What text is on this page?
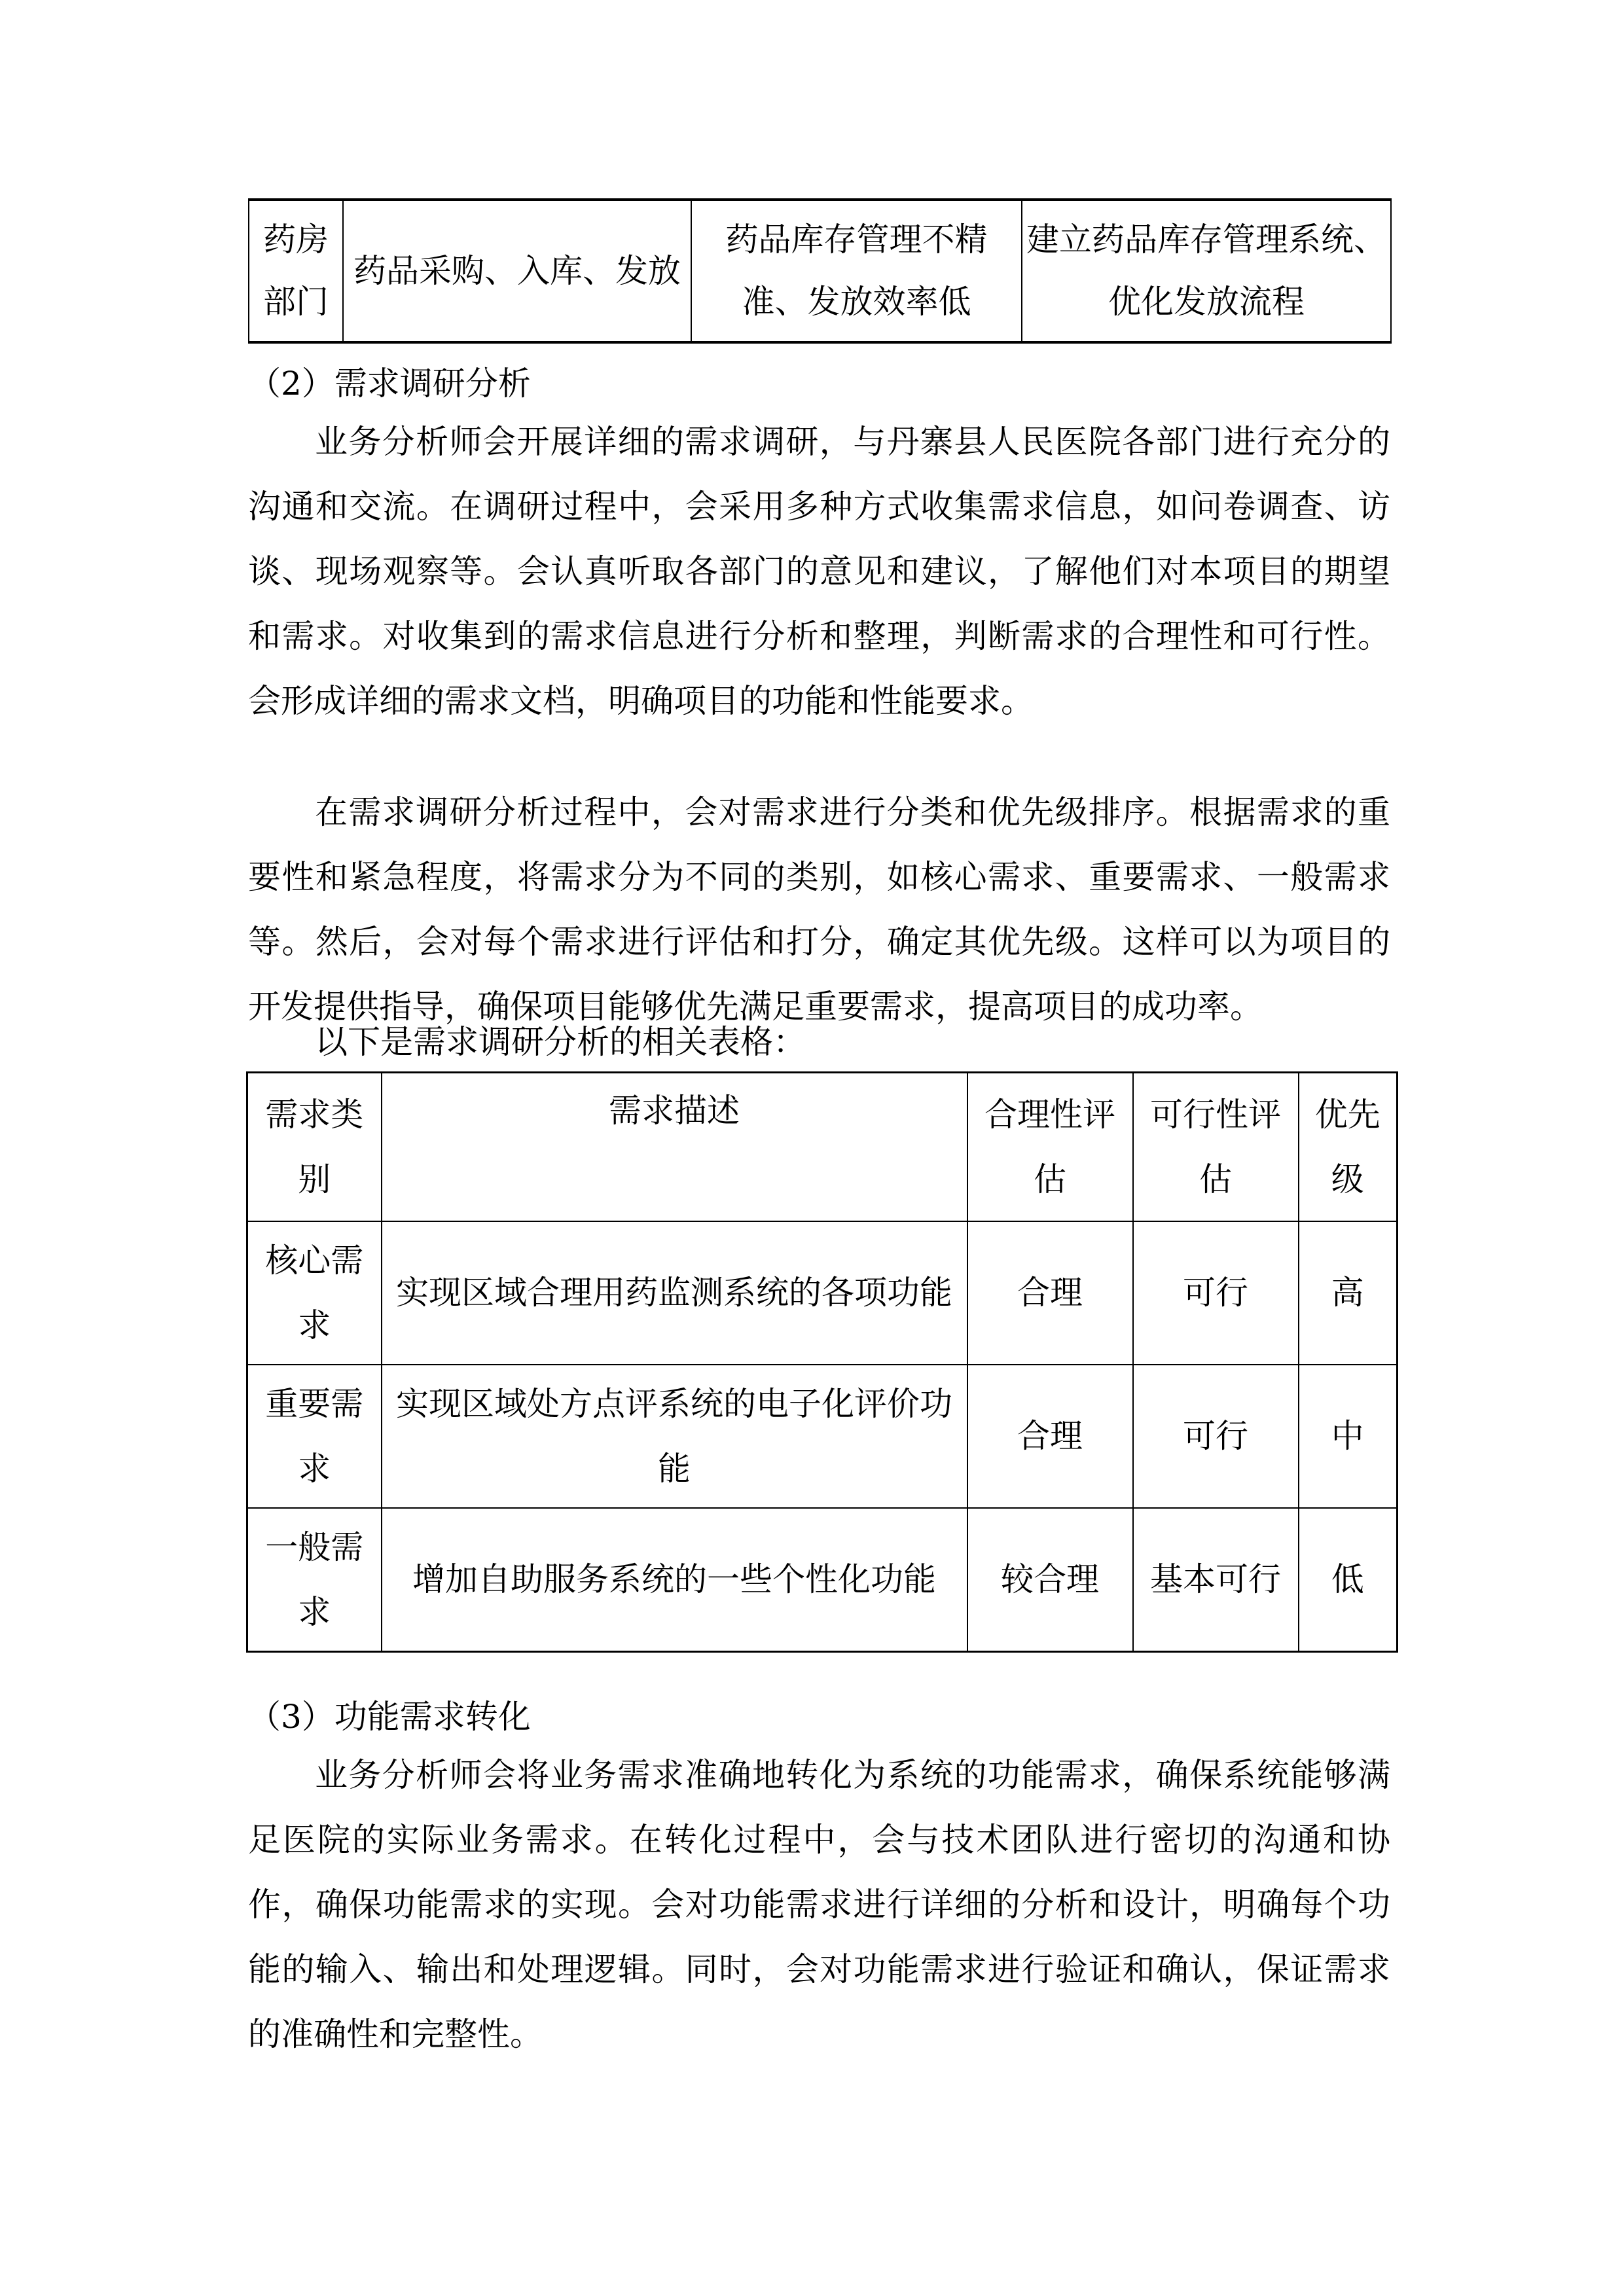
药房部门	药品采购、入库、发放	药品库存管理不精准、发放效率低	建立药品库存管理系统、优化发放流程
（2）需求调研分析
业务分析师会开展详细的需求调研，与丹寨县人民医院各部门进行充分的
沟通和交流。在调研过程中，会采用多种方式收集需求信息，如问卷调查、访
谈、现场观察等。会认真听取各部门的意见和建议，了解他们对本项目的期望
和需求。对收集到的需求信息进行分析和整理，判断需求的合理性和可行性。
会形成详细的需求文档，明确项目的功能和性能要求。
在需求调研分析过程中，会对需求进行分类和优先级排序。根据需求的重
要性和紧急程度，将需求分为不同的类别，如核心需求、重要需求、一般需求
等。然后，会对每个需求进行评估和打分，确定其优先级。这样可以为项目的
开发提供指导，确保项目能够优先满足重要需求，提高项目的成功率。
以下是需求调研分析的相关表格：
需求类别	需求描述	合理性评估	可行性评估	优先级
核心需求	实现区域合理用药监测系统的各项功能	合理	可行	高
重要需求	实现区域处方点评系统的电子化评价功能	合理	可行	中
一般需求	增加自助服务系统的一些个性化功能	较合理	基本可行	低
（3）功能需求转化
业务分析师会将业务需求准确地转化为系统的功能需求，确保系统能够满
足医院的实际业务需求。在转化过程中，会与技术团队进行密切的沟通和协
作，确保功能需求的实现。会对功能需求进行详细的分析和设计，明确每个功
能的输入、输出和处理逻辑。同时，会对功能需求进行验证和确认，保证需求
的准确性和完整性。
